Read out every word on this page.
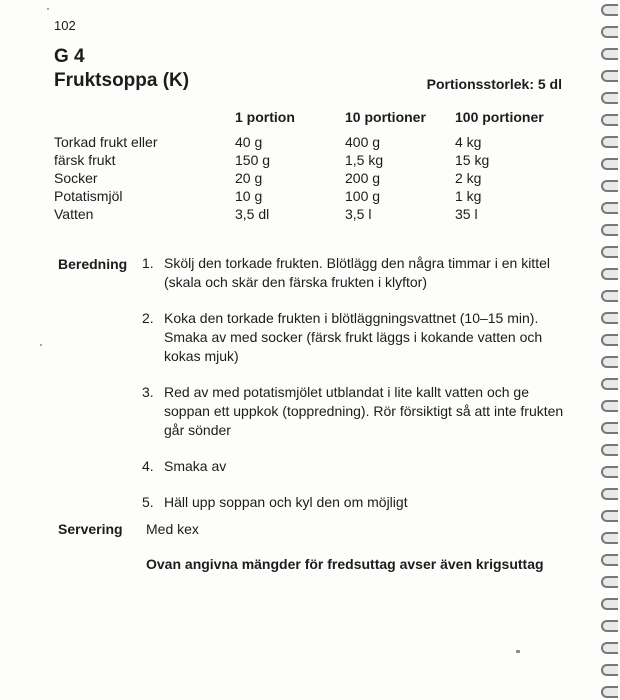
102
G 4
Fruktsoppa (K)	Portionsstorlek: 5 dl
	1 portion	10 portioner	100 portioner
Torkad frukt eller	40 g	400 g	4 kg
färsk frukt	150 g	1,5 kg	15 kg
Socker	20 g	200 g	2 kg
Potatismjöl	10 g	100 g	1 kg
Vatten	3,5 dl	3,5 l	35 l
Beredning 1. Skölj den torkade frukten. Blötlägg den några timmar i en kittel (skala och skär den färska frukten i klyftor)
2. Koka den torkade frukten i blötläggningsvattnet (10–15 min). Smaka av med socker (färsk frukt läggs i kokande vatten och kokas mjuk)
3. Red av med potatismjölet utblandat i lite kallt vatten och ge soppan ett uppkok (toppredning). Rör försiktigt så att inte frukten går sönder
4. Smaka av
5. Häll upp soppan och kyl den om möjligt
Servering Med kex
Ovan angivna mängder för fredsuttag avser även krigsuttag
